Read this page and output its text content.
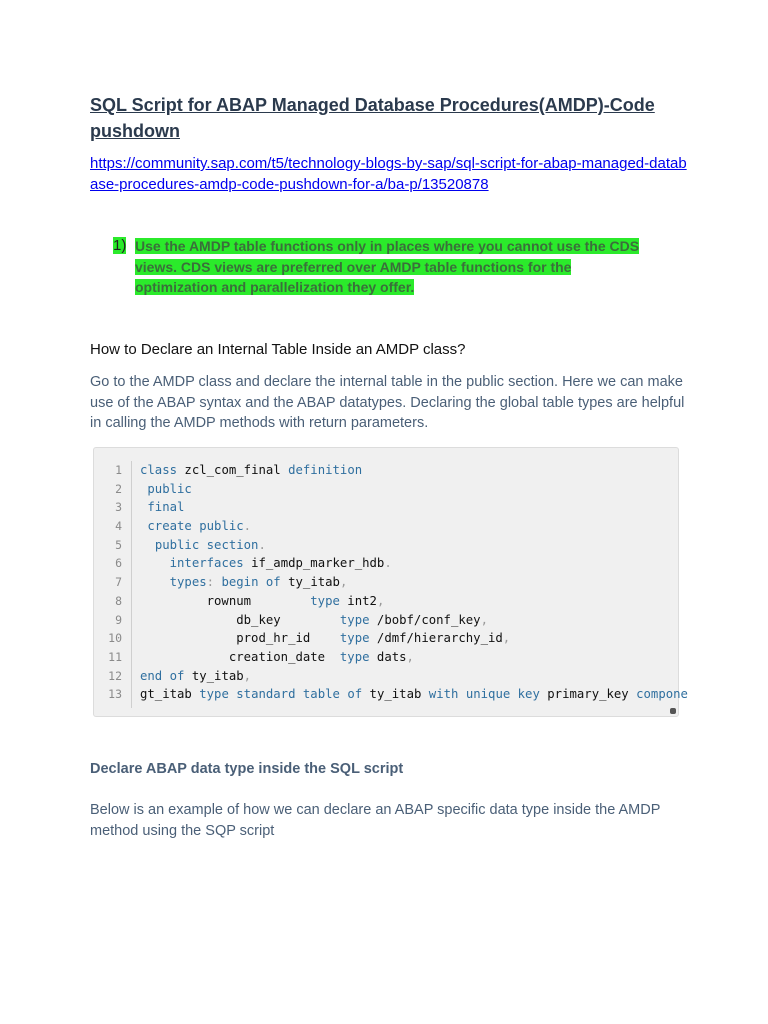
SQL Script for ABAP Managed Database Procedures(AMDP)-Code pushdown
https://community.sap.com/t5/technology-blogs-by-sap/sql-script-for-abap-managed-database-procedures-amdp-code-pushdown-for-a/ba-p/13520878
1) Use the AMDP table functions only in places where you cannot use the CDS views. CDS views are preferred over AMDP table functions for the optimization and parallelization they offer.
How to Declare an Internal Table Inside an AMDP class?
Go to the AMDP class and declare the internal table in the public section. Here we can make use of the ABAP syntax and the ABAP datatypes. Declaring the global table types are helpful in calling the AMDP methods with return parameters.
1 class zcl_com_final definition
2	public
3	final
4	create public.
5	public section.
6	interfaces if_amdp_marker_hdb.
7	types: begin of ty_itab,
8 rownum        type int2,
9 db_key        type /bobf/conf_key,
10 prod_hr_id    type /dmf/hierarchy_id,
11 creation_date  type dats,
12 end of ty_itab,
13 gt_itab type standard table of ty_itab with unique key primary_key compone
Declare ABAP data type inside the SQL script
Below is an example of how we can declare an ABAP specific data type inside the AMDP method using the SQP script
